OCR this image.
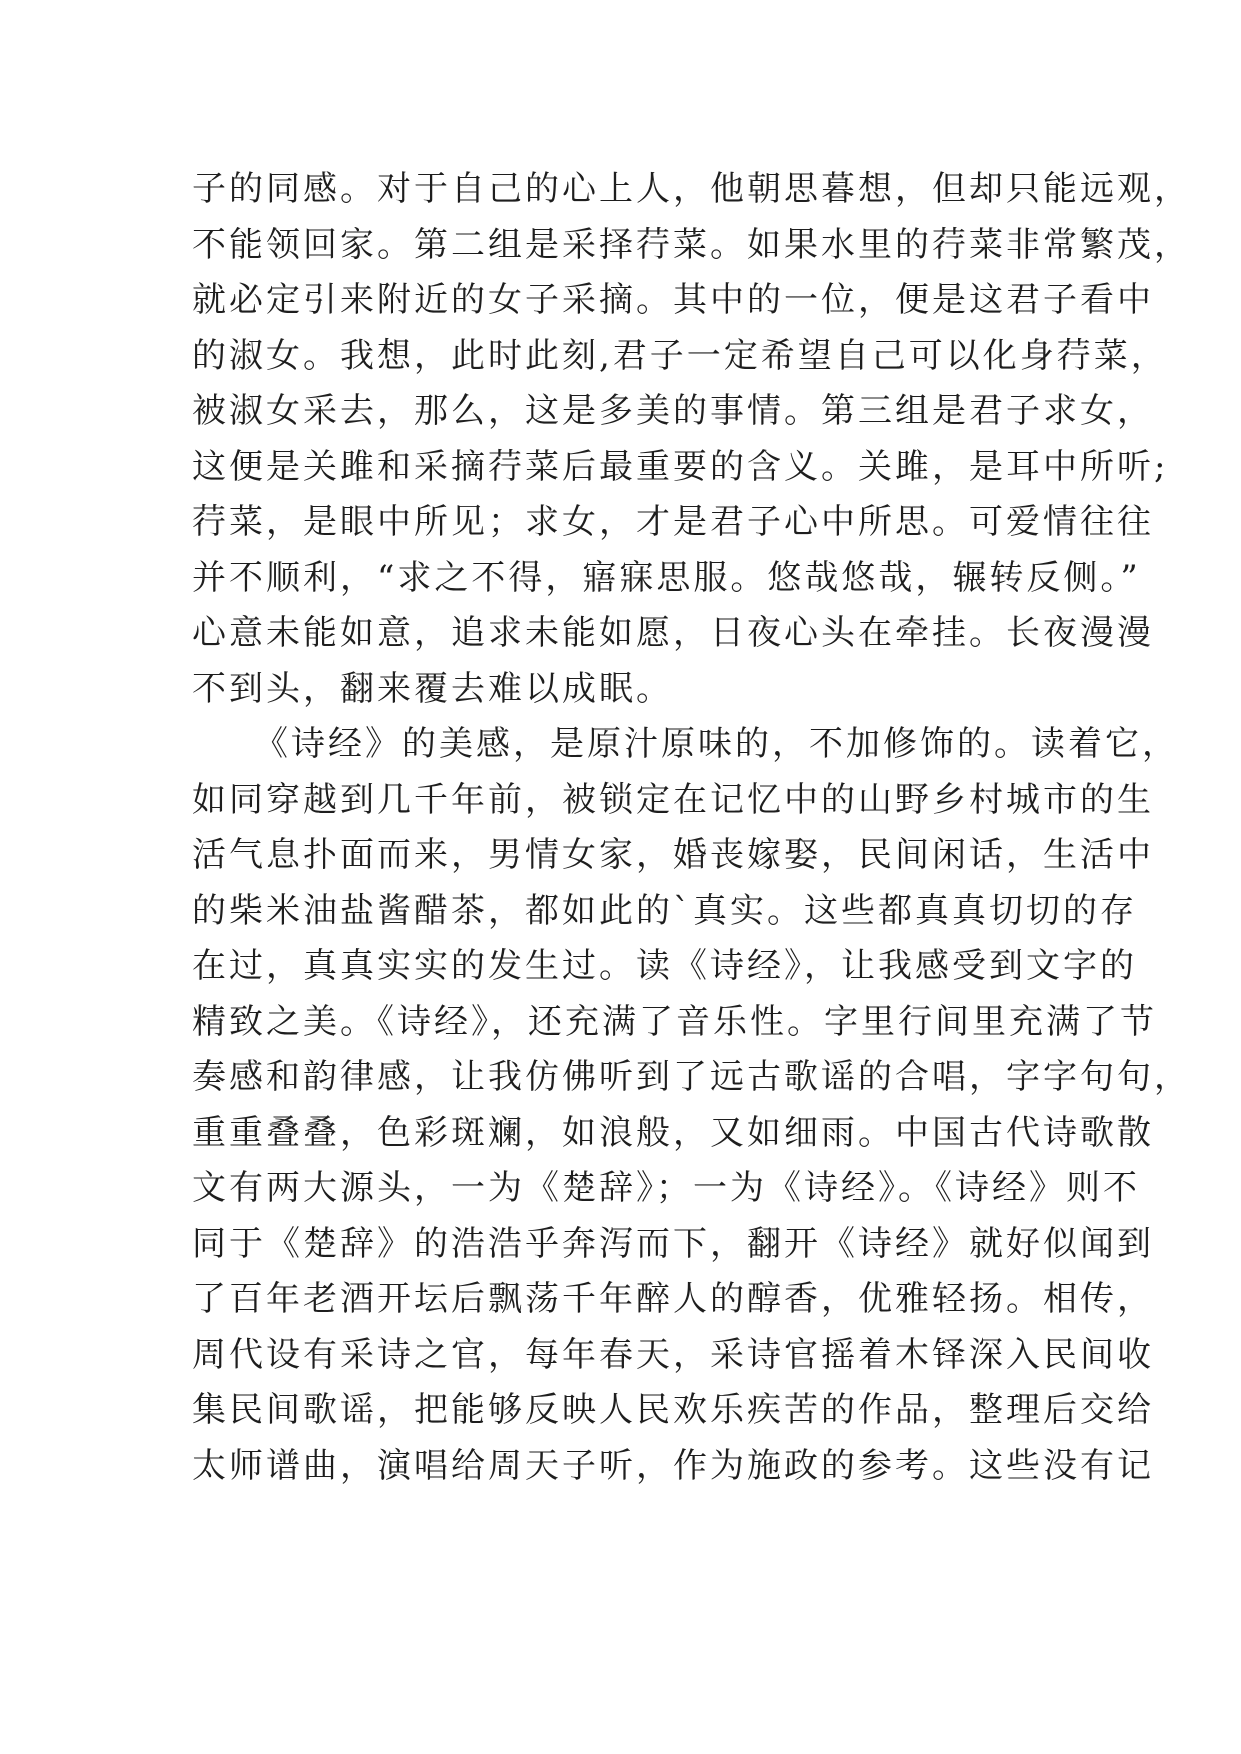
子的同感。对于自己的心上人，他朝思暮想，但却只能远观，
不能领回家。第二组是采择荇菜。如果水里的荇菜非常繁茂，
就必定引来附近的女子采摘。其中的一位，便是这君子看中
的淑女。我想，此时此刻,君子一定希望自己可以化身荇菜，
被淑女采去，那么，这是多美的事情。第三组是君子求女，
这便是关雎和采摘荇菜后最重要的含义。关雎，是耳中所听;
荇菜，是眼中所见；求女，才是君子心中所思。可爱情往往
并不顺利，“求之不得，寤寐思服。悠哉悠哉，辗转反侧。”
心意未能如意，追求未能如愿，日夜心头在牵挂。长夜漫漫
不到头，翻来覆去难以成眠。
《诗经》的美感，是原汁原味的，不加修饰的。读着它，
如同穿越到几千年前，被锁定在记忆中的山野乡村城市的生
活气息扑面而来，男情女家，婚丧嫁娶，民间闲话，生活中
的柴米油盐酱醋茶，都如此的`真实。这些都真真切切的存
在过，真真实实的发生过。读《诗经》，让我感受到文字的
精致之美。《诗经》，还充满了音乐性。字里行间里充满了节
奏感和韵律感，让我仿佛听到了远古歌谣的合唱，字字句句，
重重叠叠，色彩斑斓，如浪般，又如细雨。中国古代诗歌散
文有两大源头，一为《楚辞》；一为《诗经》。《诗经》则不
同于《楚辞》的浩浩乎奔泻而下，翻开《诗经》就好似闻到
了百年老酒开坛后飘荡千年醉人的醇香，优雅轻扬。相传，
周代设有采诗之官，每年春天，采诗官摇着木铎深入民间收
集民间歌谣，把能够反映人民欢乐疾苦的作品，整理后交给
太师谱曲，演唱给周天子听，作为施政的参考。这些没有记
